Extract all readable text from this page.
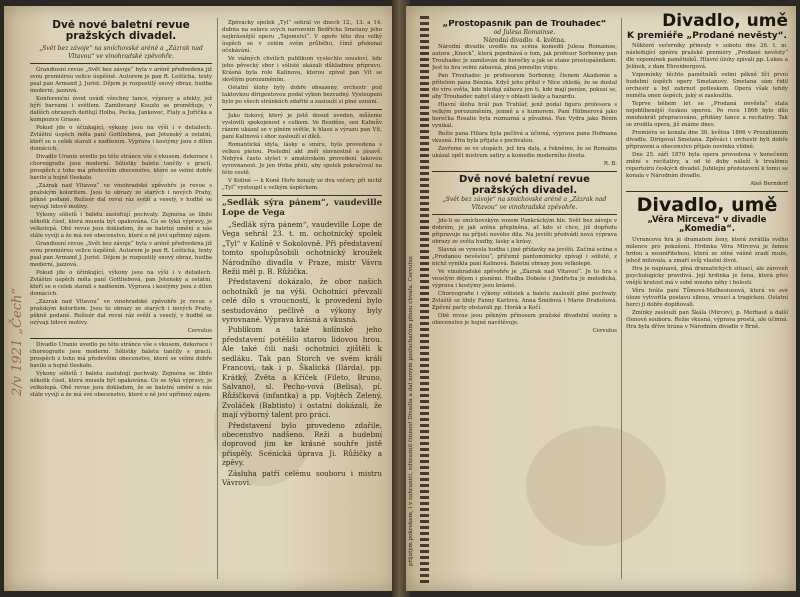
2/v 1921 „Čech“
Dvě nové baletní revue pražských divadel.
„Svět bez závoje“ na smíchovské aréně a „Zázrak nad Vltavou“ ve vinohradské zpěvohře.

Grandiosní revue „Svět bez závoje“ byla v aréně předvedena již svou premiérou velice úspěšně. Autorem je pan R. Lešticha, texty psal pan Armand J. Jurist. Dějem je rozpustilý snový obraz, hudba moderní, jazzová.

Konferenční úvod uvádí všechny tance, výpravy a efekty, jež hýří barvami i světlem. Zamilovaný Kouzlo se proměňuje, v dalších obrazech defilují Holba, Pecka, Jankovec, Fialy a Juřička a kompozice Grasse.

Pokud jde o účinkující, výkony jsou na výši i v detailech. Zvláštní úspěch měla paní Gottliebová, pan Jetenský a ostatní, kteří se o celek starali s nadšením. Výprava i kostýmy jsou z dílen domácích.

Divadlo Uranie uvedlo po této stránce vše s vkusem, dekorace i choreografie jsou moderní. Sólistky baletu tančily s gracií, prospěch z toho má především obecenstvo, které se velmi dobře bavilo a hojně tleskalo.

„Zázrak nad Vltavou“ ve vinohradské zpěvohře je revue s pražským koloritem. Jsou to obrazy ze starých i nových Prahy, pěkně podané. Režisér dal revui ráz svěží a veselý, v hudbě se ozývají lidové motivy.

Výkony sólistů i baletu zasluhují pochvaly. Zejména se líbilo několik čísel, která musela být opakována. Co se týká výpravy, je velkolepá. Obě revue jsou dokladem, že se baletní umění u nás stále vyvíjí a že má své obecenstvo, které o ně jeví upřímný zájem.

Grandiosní revue „Svět bez závoje“ byla v aréně předvedena již svou premiérou velice úspěšně. Autorem je pan R. Lešticha, texty psal pan Armand J. Jurist. Dějem je rozpustilý snový obraz, hudba moderní, jazzová.

Pokud jde o účinkující, výkony jsou na výši i v detailech. Zvláštní úspěch měla paní Gottliebová, pan Jetenský a ostatní, kteří se o celek starali s nadšením. Výprava i kostýmy jsou z dílen domácích.

„Zázrak nad Vltavou“ ve vinohradské zpěvohře je revue s pražským koloritem. Jsou to obrazy ze starých i nových Prahy, pěkně podané. Režisér dal revui ráz svěží a veselý, v hudbě se ozývají lidové motivy.

Cervulus

Divadlo Uranie uvedlo po této stránce vše s vkusem, dekorace i choreografie jsou moderní. Sólistky baletu tančily s gracií, prospěch z toho má především obecenstvo, které se velmi dobře bavilo a hojně tleskalo.

Výkony sólistů i baletu zasluhují pochvaly. Zejména se líbilo několik čísel, která musela být opakována. Co se týká výpravy, je velkolepá. Obě revue jsou dokladem, že se baletní umění u nás stále vyvíjí a že má své obecenstvo, které o ně jeví upřímný zájem.

Zpěvácký spolek „Tyl“ sehrál ve dnech 12., 13. a 14. dubna na oslavu svých narozenin Bedřicha Smetany jeho nejkrásnější operu „Tajemství“. V opeře této dva velký úspěch se v celém svém průběhu, čímž překonal očekávání.

Ve vážných chvílích publikum vyslechlo sousloví, kde jeho pěvecký sbor i sólisté ukázali důkladnou přípravu. Krásná byla role Kalinova, kterou zpíval pan Vít se skvělým porozuměním.

Ostatní úlohy byly dobře obsazeny, orchestr pod taktovkou dirigentovou podal výkon bezvadný. Vystoupení bylo po všech stránkách zdařilé a zaslouží si plné uznání.

Jako tiskový, který je jistě dosud uveden, můžeme vysloviti spokojenost s celkem. Ve Bezděze, sen Kalinův rázem ukázal se v plném světle, k hlasu a výrazu pan Vít, paní Kalinová i sbor zaslouží si díků.

Romantická idyla, lásky a smíru, byla provedena s velkou pietou. Poslední akt zněl slavnostně a jásavě. Nebývá často slyšet v amatérském provedení takovou vyrovnanost. Je jen třeba přáti, aby spolek pokračoval na této cestě.

V Koliné — k Koně Hoře konaly se dva večery, při nichž „Tyl“ vystoupil s velkým úspěchem.

„Sedlák sýra pánem“, vaudeville Lope de Vega

„Sedlák sýra pánem“, vaudeville Lope de Vega sehrál 23. t. m. ochotnický spolek „Tyl“ v Kolíně v Sokolovně. Při představení tomto spolupůsobili ochotnický kroužek Národního divadla v Praze, mistr Vávra Režii měl p. B. Růžička.

Představení dokázalo, že obor našich ochotníků je na výši. Ochotníci převzali celé dílo s vroucností, k provedení bylo sestudováno pečlivě a výkony byly vyrovnané. Výprava krásná a vkusná.

Publikum a také kolínské jeho představení potěšilo starou lidovou hrou. Ale také čili naši ochotníci zjištěli k sedláku. Tak pan Storch ve svém králi Francovi, tak i p. Škalická (Ilárda), pp. Krátký, Zvěta a Kříček (Fileto, Bruno, Salvano), sl. Pecho-vová (Belisa), pí. Růžičková (infantka) a pp. Vojtěch Zelený, Zvoláček (Babtisto) i ostatní dokázali, že mají výborný talent pro práci.

Představení bylo provedeno zdařile, obecenstvo nadšeno. Reži a hudební doprovod jim ke krásné souhře jistě přispěly. Scénická úprava Ji. Růžičky a zpěvy.

Zásluha patří celému souboru i mistru Vávrovi.	přijatým pokrokem, i v zahraničí, zdůraznil činnost Divadla a dal novým posluchačům plnou chválu. Cervulus
„Prostopášník pan de Trouhadec“
od Julesa Romainse.
Národní divadlo. 4. května.

Národní divadlo uvedlo na scénu komedii Julesa Romainse, autora „Knock“, která pojednává o tom, jak profesor Sorbonny pan Trouhadec je zamilován do herečky a jak se stane prostopášníkem. Jest to hra velmi zábavná, plná jemného vtipu.

Pan Trouhadec je profesorem Sorbonny, členem Akademie a přítelem pana Bénina. Když jeho přítel v Nice shledá, že se dostal do víru světa, kde hledají zábavu jen ti, kdo mají peníze, pokusí se, aby Trouhadec nabyl slávy v oblasti lásky a hazardu.

Hlavní úlohu hrál pan Truhlář, jenž podal figuru profesora s velkým porozuměním, jemně a s humorem. Paní Hübnerová jako herečka Rosalie byla rozmarná a půvabná. Pan Vydra jako Bénin vynikal.

Režie pana Hilara byla pečlivá a účinná, výprava pana Hofmana vkusná. Hra byla přijata s pochvalou.

Zavřeme se ve stopách, jež hra dala, a řekněme, že se Romains ukázal opět mistrem satiry a komedie moderního života.

R. B.
Dvě nové baletní revue pražských divadel.
„Svět bez závoje“ na smíchovské aréně a „Zázrak nad Vltavou“ ve vinohradské zpěvohře.

Jde-li se smíchovským vozem Pankráckým hle. Svět bez závoje v dobrém, je jak aréna přeplněna, ať kdo si chce, již dopředu připravuje na přijetí nového díla. Na jevišti předvádí nová výprava obrazy ze světa hudby, lásky a krásy.

Slavná se vynesla hudba i jiné přídavky na jevišti. Začíná scéna s „Prodanou nevěstou“, přičemž pantomimicky zpívají i sólisté, z nichž vynikla paní Kalinová. Baletní obrazy jsou velkolepé.

Ve vinohradské zpěvohře je „Zázrak nad Vltavou“. Je to hra s veselým dějem i písněmi. Hudba Dobeše i Jindřicha je melodická, výprava i kostýmy jsou krásné.

Choreografie i výkony sólistek a baletu zaslouží plné pochvaly. Zvláště se líbily Fanny Karlová, Anna Šmídová i Marie Drahošová. Zpěvní party obstarali pp. Horák a Kočí.

Obě revue jsou pěkným přínosem pražské divadelní sezóny a obecenstvo je hojně navštěvuje.

Cervulus
Divadlo, umě
K premiéře „Prodané nevěsty“.

Některé večerníky přinesly v sobotu dne 26. t. m. následující zprávu pražské premiéry „Prodané nevěsty“ dle vzpomínek pamětníků. Hlavní úlohy zpívali pp. Lukes a Jelínek, z dam Ehrenbergová.

Vzpomínky těchto pamětníků velmi pěkně líčí první hudební úspěch opery Smetanovy. Smetana sám řídil orchestr a byl zahrnut potleskem. Opera však tehdy neměla onen úspěch, jaký si zasloužila.

Teprve během let se „Prodaná nevěsta“ stala nejoblíbenější českou operou. Po roce 1866 bylo dílo mnohokrát přepracováno, přidány tance a recitativy. Tak se zrodila opera, již známe dnes.

Premiéra se konala dne 30. května 1866 v Prozatímním divadle. Dirigoval Smetana. Zpěváci i orchestr byli dobře připraveni a obecenstvo přijalo novinku vlídně.

Dne 25. září 1870 byla opera provedena v konečném znění s recitativy, a od té doby náleží k trvalému repertoiru českých divadel. Jubilejní představení k tomu se konala v Národním divadle.

Aleš Berndorf
Divadlo, umě
„Věra Mirceva“ v divadle „Komedia“.

Uvrancova hra je dramatem ženy, která zvrátila svého milence pro pokušení. Hrdinka Věra Mirceva je ženou hrdou a nesmiřitelnou, která ze silné vášně zradí muže, jehož milovala, a zmaří svůj vlastní život.

Hra je napínavá, plná dramatických situací, ale zároveň psychologicky pravdivá. Její hrdinka je žena, která přes vnější krutost má v sobě mnoho něhy i bolesti.

Věru hrála paní Tůmová-Mathesiusová, která ve své úloze vytvořila postavu silnou, vroucí a tragickou. Ostatní herci ji dobře doplňovali.

Zmínky zaslouží pan Škála (Mircev), p. Merhaut a další členové souboru. Režie vkusná, výprava prostá, ale účinná. Hra byla dříve hrána v Národním divadle v Brně.
